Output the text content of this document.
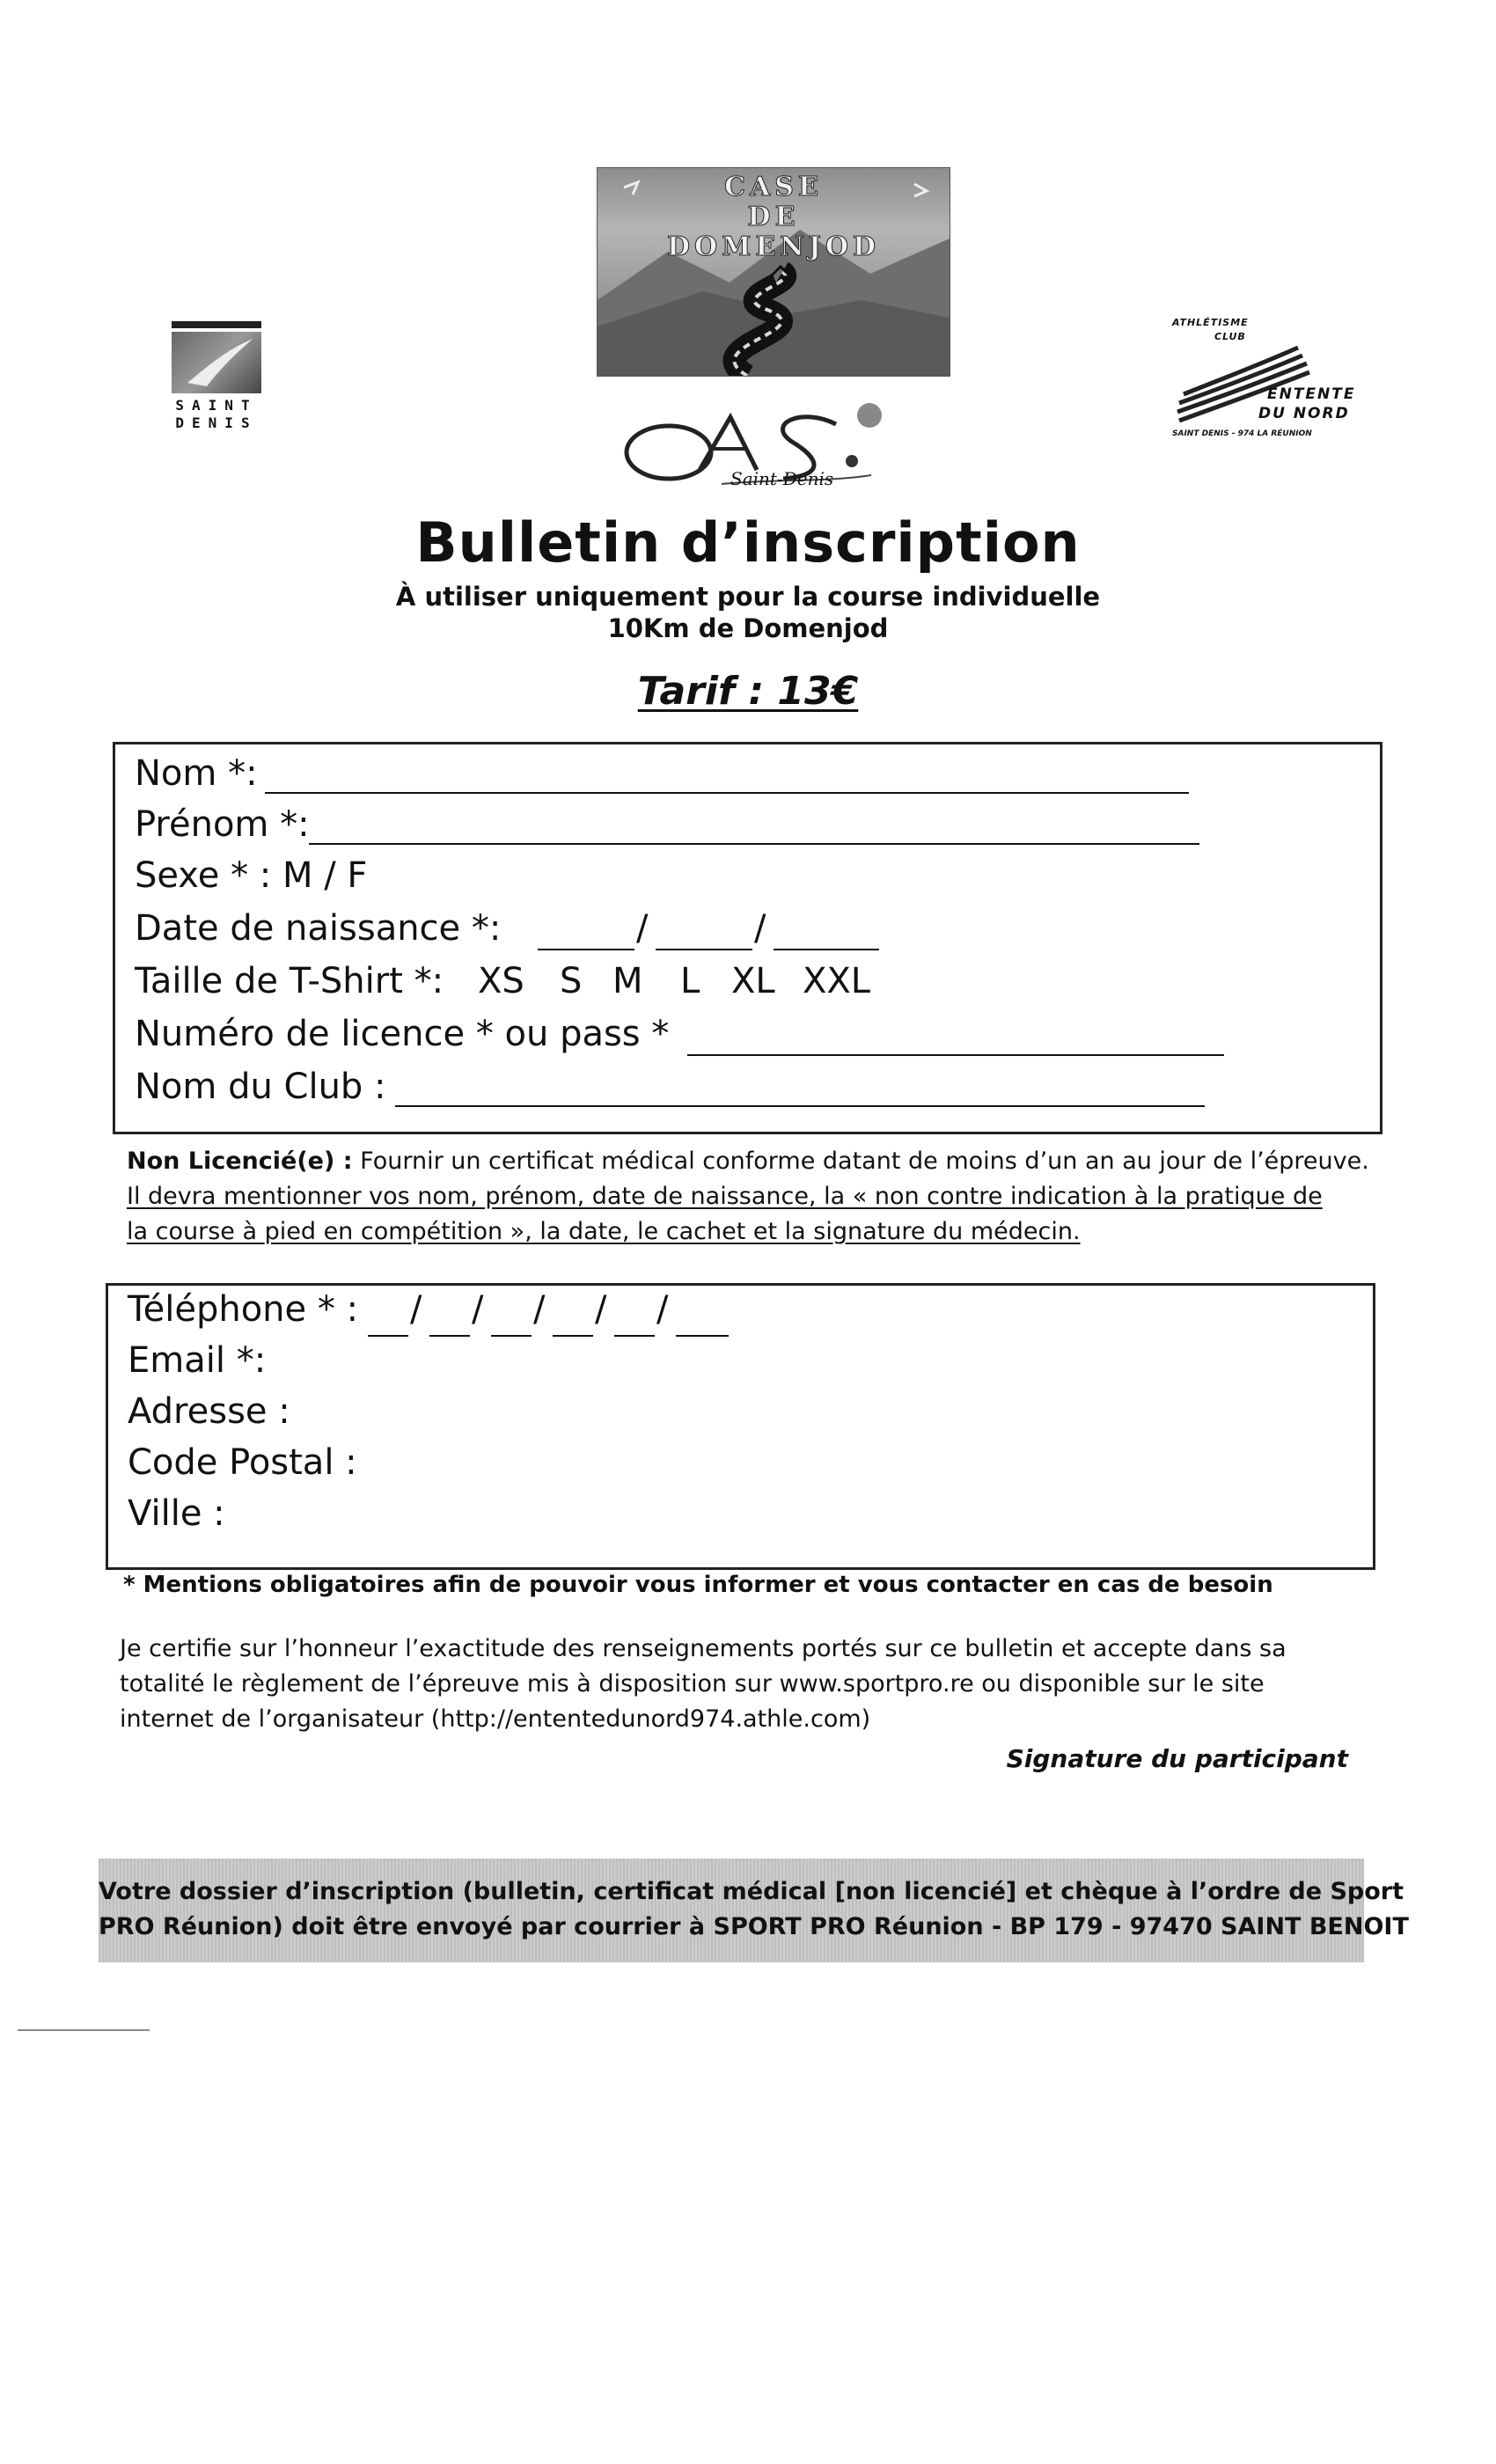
CASE
DE
DOMENJOD
SAINT
DENIS
ATHLÉTISME
CLUB
ENTENTE
DU NORD
SAINT DENIS - 974 LA RÉUNION
Saint-Denis
Bulletin d’inscription
À utiliser uniquement pour la course individuelle
10Km de Domenjod
Tarif : 13€
Nom *:
Prénom *:
Sexe * : M / F
Date de naissance *:	/	/
Taille de T-Shirt *: XS S M L XL XXL
Numéro de licence * ou pass *
Nom du Club :
Non Licencié(e) : Fournir un certificat médical conforme datant de moins d’un an au jour de l’épreuve.
Il devra mentionner vos nom, prénom, date de naissance, la « non contre indication à la pratique de
la course à pied en compétition », la date, le cachet et la signature du médecin.
Téléphone * : / / / / /
Email *:
Adresse :
Code Postal :
Ville :
* Mentions obligatoires afin de pouvoir vous informer et vous contacter en cas de besoin
Je certifie sur l’honneur l’exactitude des renseignements portés sur ce bulletin et accepte dans sa
totalité le règlement de l’épreuve mis à disposition sur www.sportpro.re ou disponible sur le site
internet de l’organisateur (http://ententedunord974.athle.com)
Signature du participant
Votre dossier d’inscription (bulletin, certificat médical [non licencié] et chèque à l’ordre de Sport
PRO Réunion) doit être envoyé par courrier à SPORT PRO Réunion - BP 179 - 97470 SAINT BENOIT
